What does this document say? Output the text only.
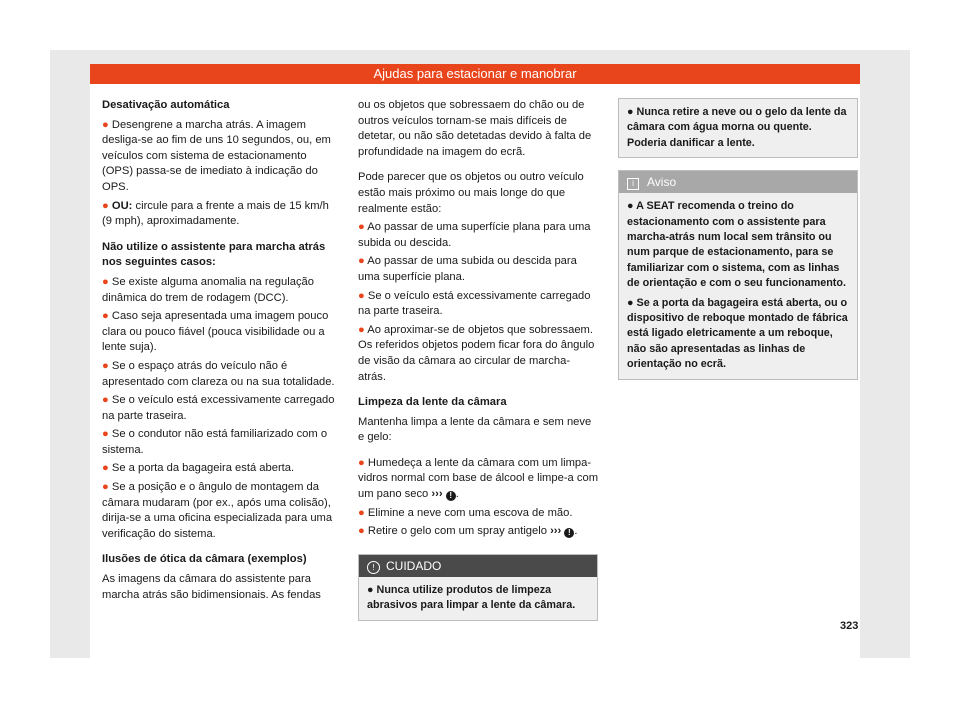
Ajudas para estacionar e manobrar
Desativação automática
● Desengrene a marcha atrás. A imagem desliga-se ao fim de uns 10 segundos, ou, em veículos com sistema de estacionamento (OPS) passa-se de imediato à indicação do OPS.
● OU: circule para a frente a mais de 15 km/h (9 mph), aproximadamente.
Não utilize o assistente para marcha atrás nos seguintes casos:
● Se existe alguma anomalia na regulação dinâmica do trem de rodagem (DCC).
● Caso seja apresentada uma imagem pouco clara ou pouco fiável (pouca visibilidade ou a lente suja).
● Se o espaço atrás do veículo não é apresentado com clareza ou na sua totalidade.
● Se o veículo está excessivamente carregado na parte traseira.
● Se o condutor não está familiarizado com o sistema.
● Se a porta da bagageira está aberta.
● Se a posição e o ângulo de montagem da câmara mudaram (por ex., após uma colisão), dirija-se a uma oficina especializada para uma verificação do sistema.
Ilusões de ótica da câmara (exemplos)
As imagens da câmara do assistente para marcha atrás são bidimensionais. As fendas
ou os objetos que sobressaem do chão ou de outros veículos tornam-se mais difíceis de detetar, ou não são detetadas devido à falta de profundidade na imagem do ecrã.
Pode parecer que os objetos ou outro veículo estão mais próximo ou mais longe do que realmente estão:
● Ao passar de uma superfície plana para uma subida ou descida.
● Ao passar de uma subida ou descida para uma superfície plana.
● Se o veículo está excessivamente carregado na parte traseira.
● Ao aproximar-se de objetos que sobressaem. Os referidos objetos podem ficar fora do ângulo de visão da câmara ao circular de marcha-atrás.
Limpeza da lente da câmara
Mantenha limpa a lente da câmara e sem neve e gelo:
● Humedeça a lente da câmara com um limpa-vidros normal com base de álcool e limpe-a com um pano seco ››› ! .
● Elimine a neve com uma escova de mão.
● Retire o gelo com um spray antigelo ››› ! .
! CUIDADO
● Nunca utilize produtos de limpeza abrasivos para limpar a lente da câmara.
● Nunca retire a neve ou o gelo da lente da câmara com água morna ou quente. Poderia danificar a lente.
i Aviso
● A SEAT recomenda o treino do estacionamento com o assistente para marcha-atrás num local sem trânsito ou num parque de estacionamento, para se familiarizar com o sistema, com as linhas de orientação e com o seu funcionamento.
● Se a porta da bagageira está aberta, ou o dispositivo de reboque montado de fábrica está ligado eletricamente a um reboque, não são apresentadas as linhas de orientação no ecrã.
323
